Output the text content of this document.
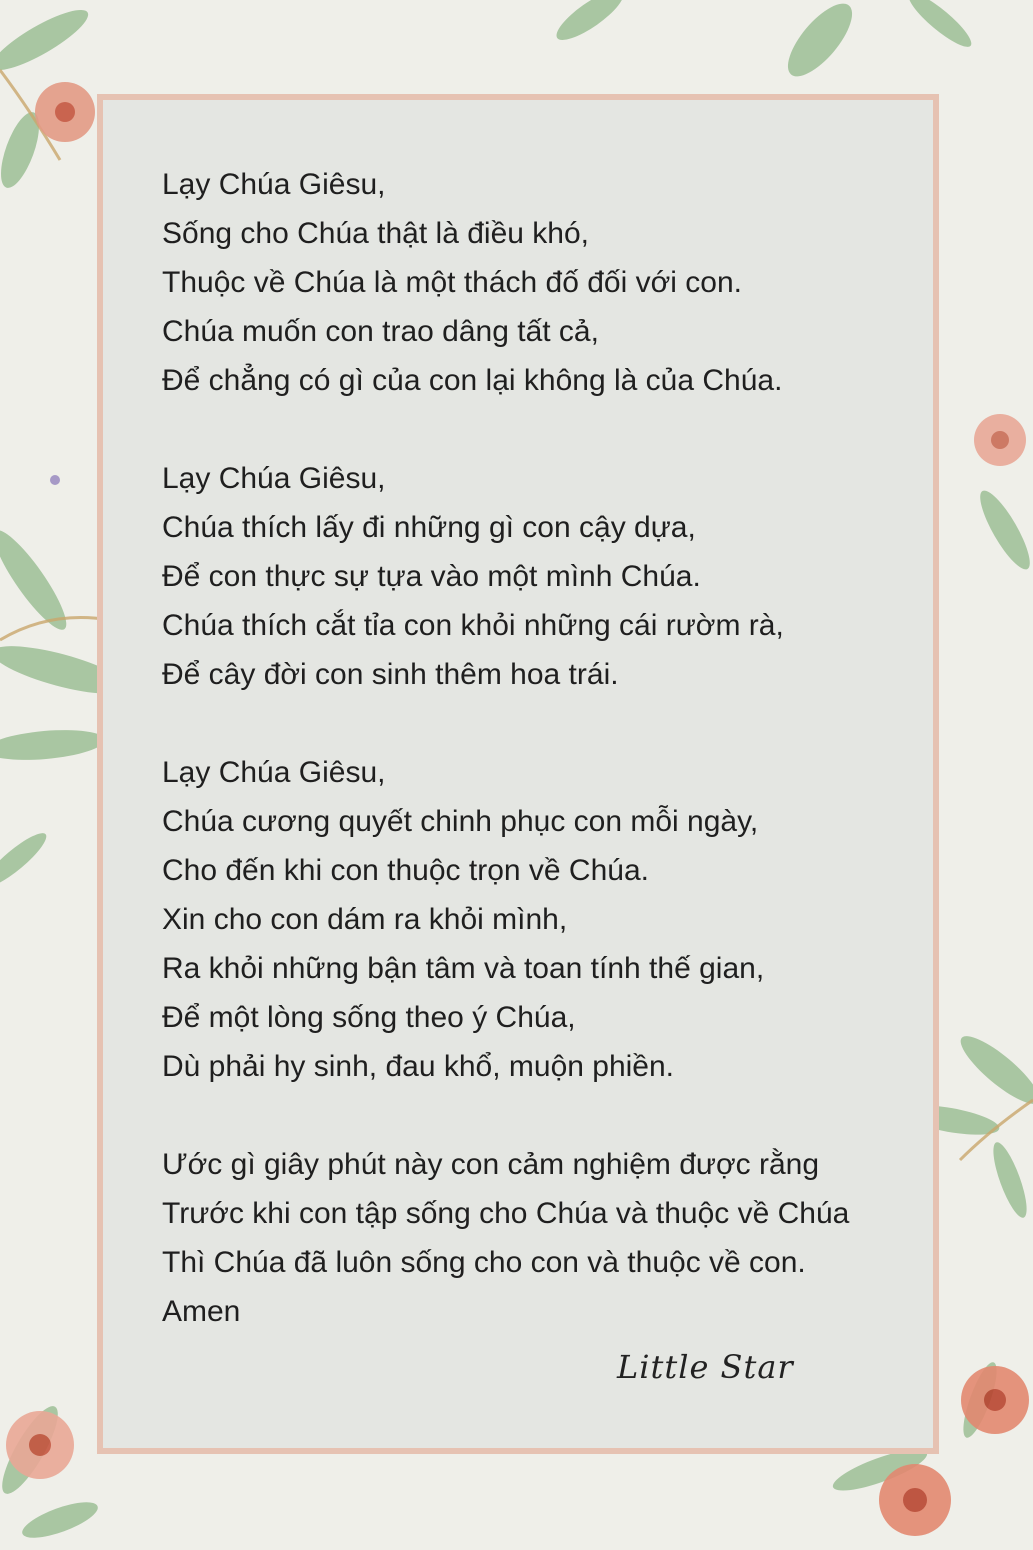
Lạy Chúa Giêsu,
Sống cho Chúa thật là điều khó,
Thuộc về Chúa là một thách đố đối với con.
Chúa muốn con trao dâng tất cả,
Để chẳng có gì của con lại không là của Chúa.
Lạy Chúa Giêsu,
Chúa thích lấy đi những gì con cậy dựa,
Để con thực sự tựa vào một mình Chúa.
Chúa thích cắt tỉa con khỏi những cái rườm rà,
Để cây đời con sinh thêm hoa trái.
Lạy Chúa Giêsu,
Chúa cương quyết chinh phục con mỗi ngày,
Cho đến khi con thuộc trọn về Chúa.
Xin cho con dám ra khỏi mình,
Ra khỏi những bận tâm và toan tính thế gian,
Để một lòng sống theo ý Chúa,
Dù phải hy sinh, đau khổ, muộn phiền.
Ước gì giây phút này con cảm nghiệm được rằng
Trước khi con tập sống cho Chúa và thuộc về Chúa
Thì Chúa đã luôn sống cho con và thuộc về con.
Amen
Little Star
